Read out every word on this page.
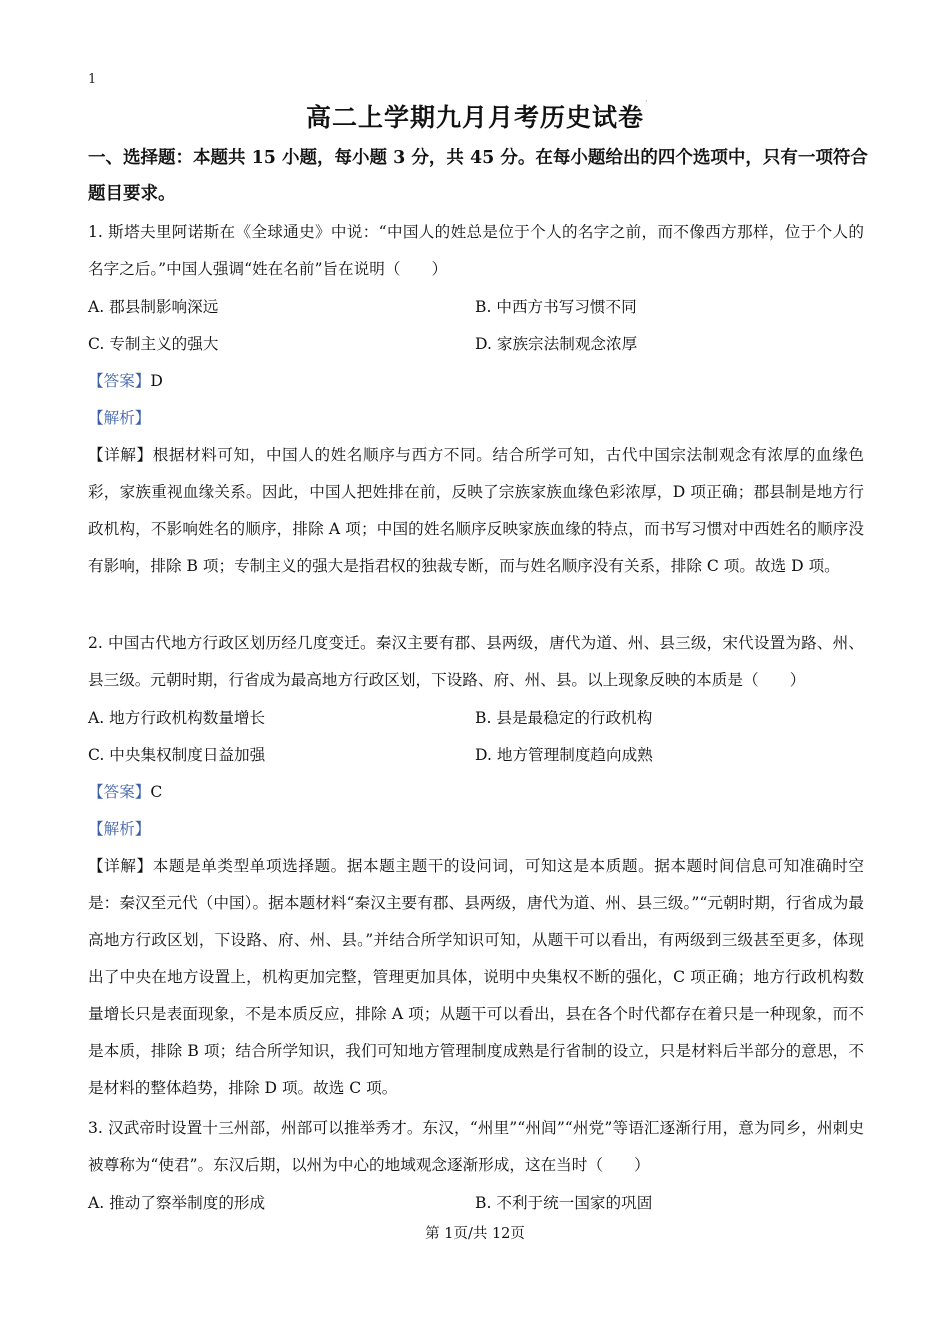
1
高二上学期九月月考历史试卷
·
一、选择题：本题共 15 小题，每小题 3 分，共 45 分。在每小题给出的四个选项中，只有一项符合题目要求。
1. 斯塔夫里阿诺斯在《全球通史》中说：“中国人的姓总是位于个人的名字之前，而不像西方那样，位于个人的名字之后。”中国人强调“姓在名前”旨在说明（　　）
A. 郡县制影响深远	B. 中西方书写习惯不同
C. 专制主义的强大	D. 家族宗法制观念浓厚
【答案】D
【解析】
【详解】根据材料可知，中国人的姓名顺序与西方不同。结合所学可知，古代中国宗法制观念有浓厚的血缘色彩，家族重视血缘关系。因此，中国人把姓排在前，反映了宗族家族血缘色彩浓厚，D 项正确；郡县制是地方行政机构，不影响姓名的顺序，排除 A 项；中国的姓名顺序反映家族血缘的特点，而书写习惯对中西姓名的顺序没有影响，排除 B 项；专制主义的强大是指君权的独裁专断，而与姓名顺序没有关系，排除 C 项。故选 D 项。
2. 中国古代地方行政区划历经几度变迁。秦汉主要有郡、县两级，唐代为道、州、县三级，宋代设置为路、州、县三级。元朝时期，行省成为最高地方行政区划，下设路、府、州、县。以上现象反映的本质是（　　）
A. 地方行政机构数量增长	B. 县是最稳定的行政机构
C. 中央集权制度日益加强	D. 地方管理制度趋向成熟
【答案】C
【解析】
【详解】本题是单类型单项选择题。据本题主题干的设问词，可知这是本质题。据本题时间信息可知准确时空是：秦汉至元代（中国）。据本题材料“秦汉主要有郡、县两级，唐代为道、州、县三级。”“元朝时期，行省成为最高地方行政区划，下设路、府、州、县。”并结合所学知识可知，从题干可以看出，有两级到三级甚至更多，体现出了中央在地方设置上，机构更加完整，管理更加具体，说明中央集权不断的强化，C 项正确；地方行政机构数量增长只是表面现象，不是本质反应，排除 A 项；从题干可以看出，县在各个时代都存在着只是一种现象，而不是本质，排除 B 项；结合所学知识，我们可知地方管理制度成熟是行省制的设立，只是材料后半部分的意思，不是材料的整体趋势，排除 D 项。故选 C 项。
3. 汉武帝时设置十三州部，州部可以推举秀才。东汉，“州里”“州闾”“州党”等语汇逐渐行用，意为同乡，州刺史被尊称为“使君”。东汉后期，以州为中心的地域观念逐渐形成，这在当时（　　）
A. 推动了察举制度的形成	B. 不利于统一国家的巩固
第 1页/共 12页
